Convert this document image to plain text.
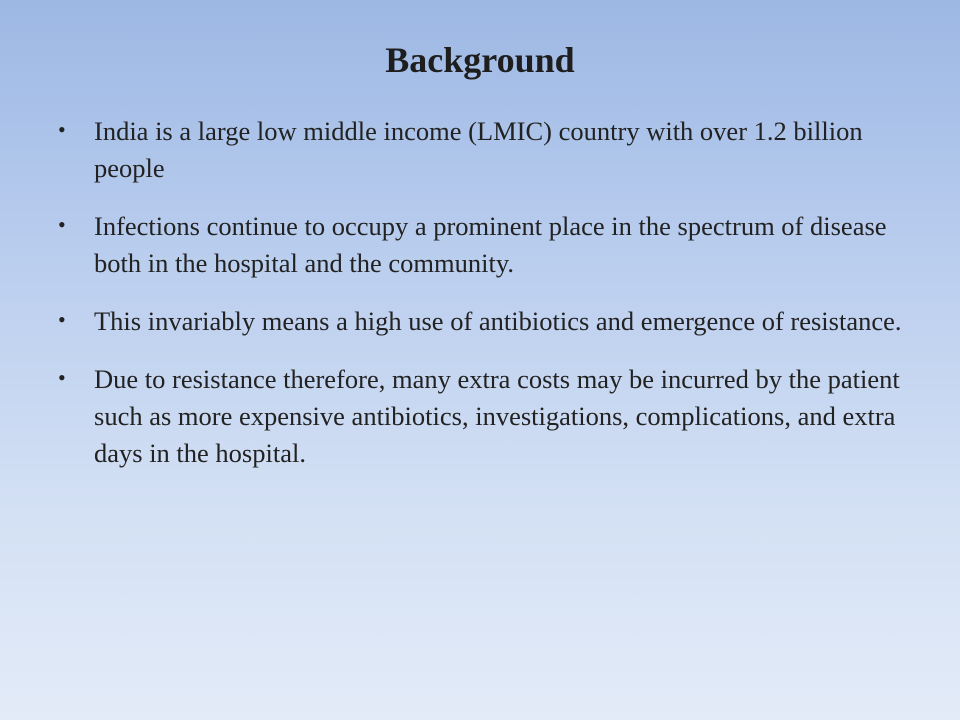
Background
• India is a large low middle income (LMIC) country with over 1.2 billion people
• Infections continue to occupy a prominent place in the spectrum of disease both in the hospital and the community.
• This invariably means a high use of antibiotics and emergence of resistance.
• Due to resistance therefore, many extra costs may be incurred by the patient such as more expensive antibiotics, investigations, complications, and extra days in the hospital.
